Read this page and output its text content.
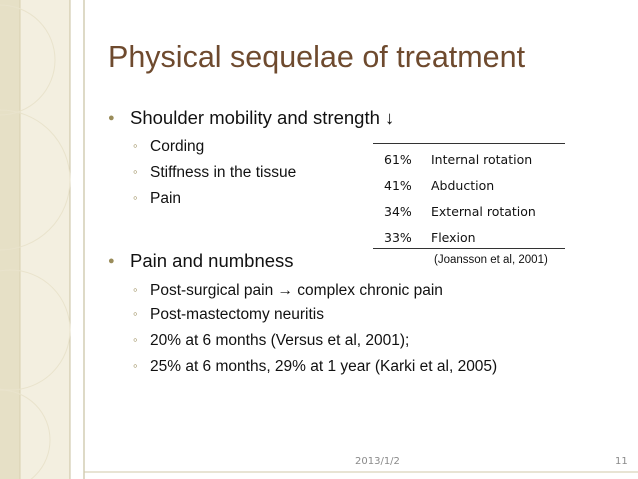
Physical sequelae of treatment
● Shoulder mobility and strength ↓
◦ Cording
◦ Stiffness in the tissue
◦ Pain
61% Internal rotation
41% Abduction
34% External rotation
33% Flexion
(Joansson et al, 2001)
● Pain and numbness
◦ Post-surgical pain → complex chronic pain
◦ Post-mastectomy neuritis
◦ 20% at 6 months (Versus et al, 2001);
◦ 25% at 6 months, 29% at 1 year (Karki et al, 2005)
2013/1/2	11
